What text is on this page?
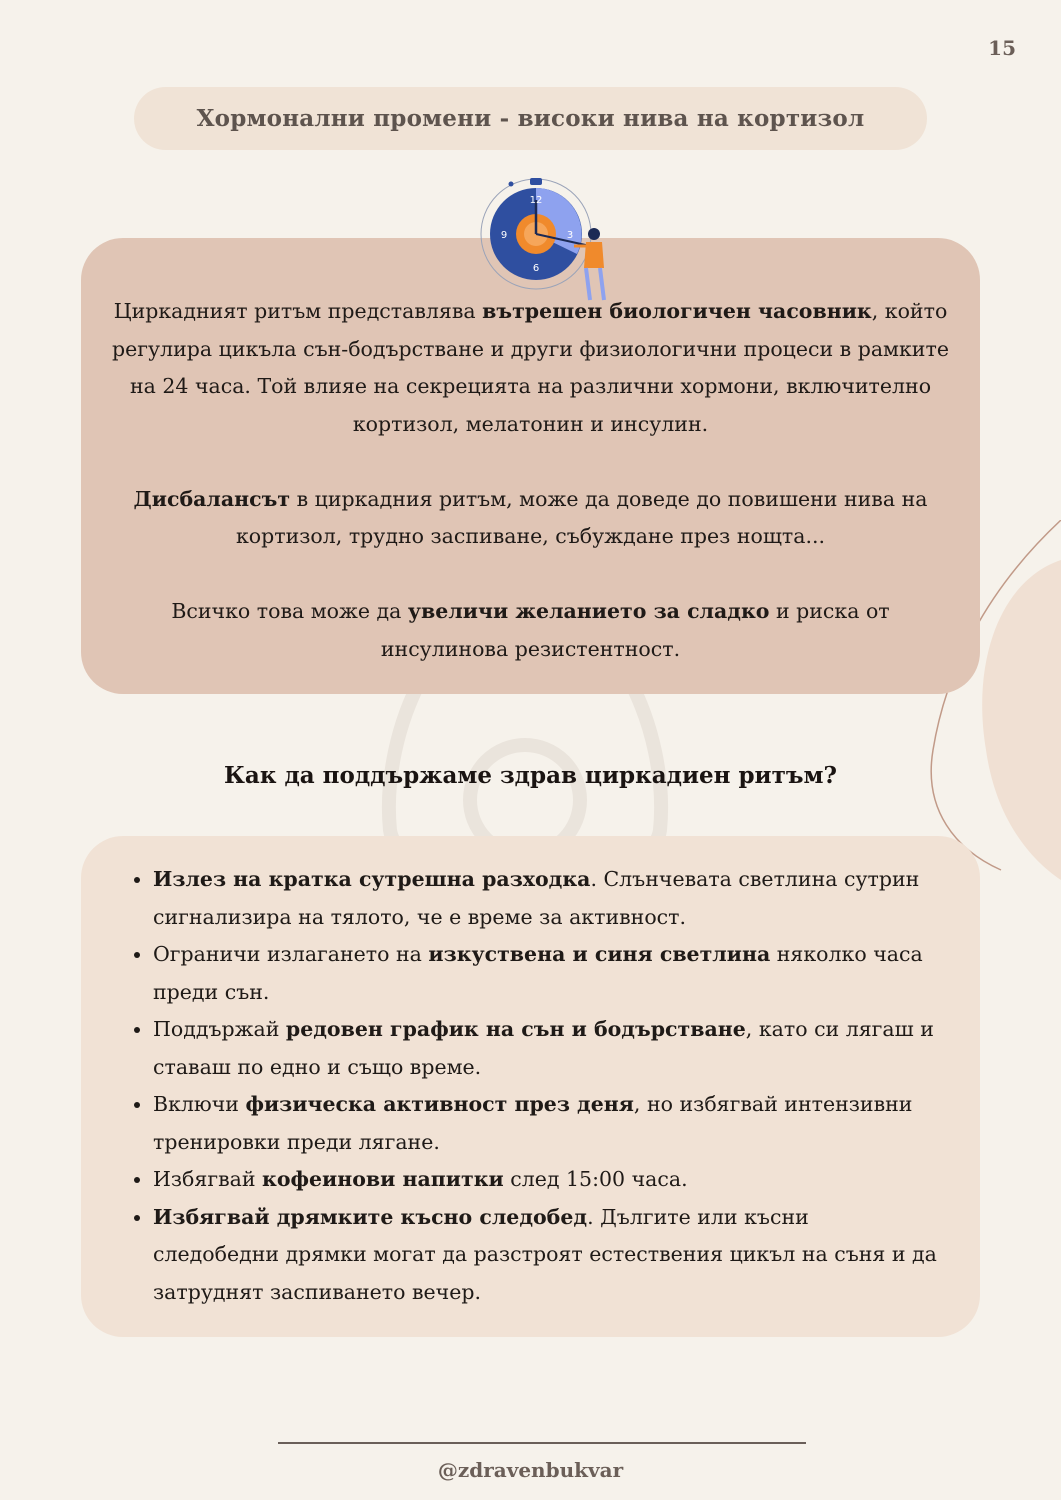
15
Хормонални промени - високи нива на кортизол

Циркадният ритъм представлява вътрешен биологичен часовник, който регулира цикъла сън-бодърстване и други физиологични процеси в рамките на 24 часа. Той влияе на секрецията на различни хормони, включително кортизол, мелатонин и инсулин.

Дисбалансът в циркадния ритъм, може да доведе до повишени нива на кортизол, трудно заспиване, събуждане през нощта...

Всичко това може да увеличи желанието за сладко и риска от инсулинова резистентност.

12
3
6
9
Как да поддържаме здрав циркадиен ритъм?
• Излез на кратка сутрешна разходка. Слънчевата светлина сутрин сигнализира на тялото, че е време за активност.
• Ограничи излагането на изкуствена и синя светлина няколко часа преди сън.
• Поддържай редовен график на сън и бодърстване, като си лягаш и ставаш по едно и също време.
• Включи физическа активност през деня, но избягвай интензивни тренировки преди лягане.
• Избягвай кофеинови напитки след 15:00 часа.
• Избягвай дрямките късно следобед. Дългите или късни следобедни дрямки могат да разстроят естествения цикъл на съня и да затруднят заспиването вечер.
@zdravenbukvar
